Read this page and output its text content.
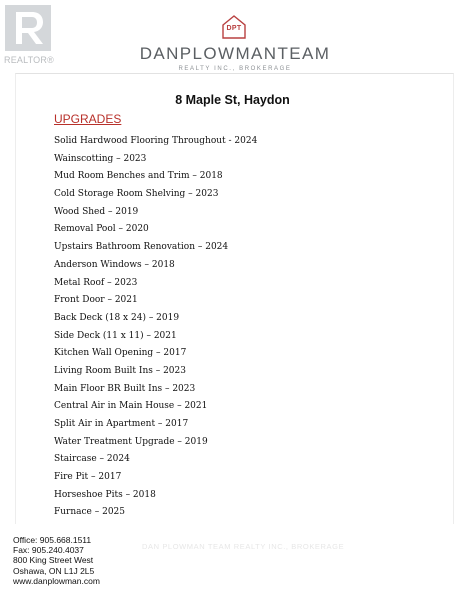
REALTOR®
DPT
DANPLOWMANTEAM
REALTY INC., BROKERAGE
8 Maple St, Haydon
UPGRADES
Solid Hardwood Flooring Throughout - 2024
Wainscotting – 2023
Mud Room Benches and Trim – 2018
Cold Storage Room Shelving – 2023
Wood Shed – 2019
Removal Pool – 2020
Upstairs Bathroom Renovation – 2024
Anderson Windows – 2018
Metal Roof – 2023
Front Door – 2021
Back Deck (18 x 24) – 2019
Side Deck (11 x 11) – 2021
Kitchen Wall Opening – 2017
Living Room Built Ins – 2023
Main Floor BR Built Ins – 2023
Central Air in Main House – 2021
Split Air in Apartment – 2017
Water Treatment Upgrade – 2019
Staircase – 2024
Fire Pit – 2017
Horseshoe Pits – 2018
Furnace – 2025
Office: 905.668.1511
Fax: 905.240.4037
800 King Street West
Oshawa, ON L1J 2L5
www.danplowman.com
DAN PLOWMAN TEAM REALTY INC., BROKERAGE
